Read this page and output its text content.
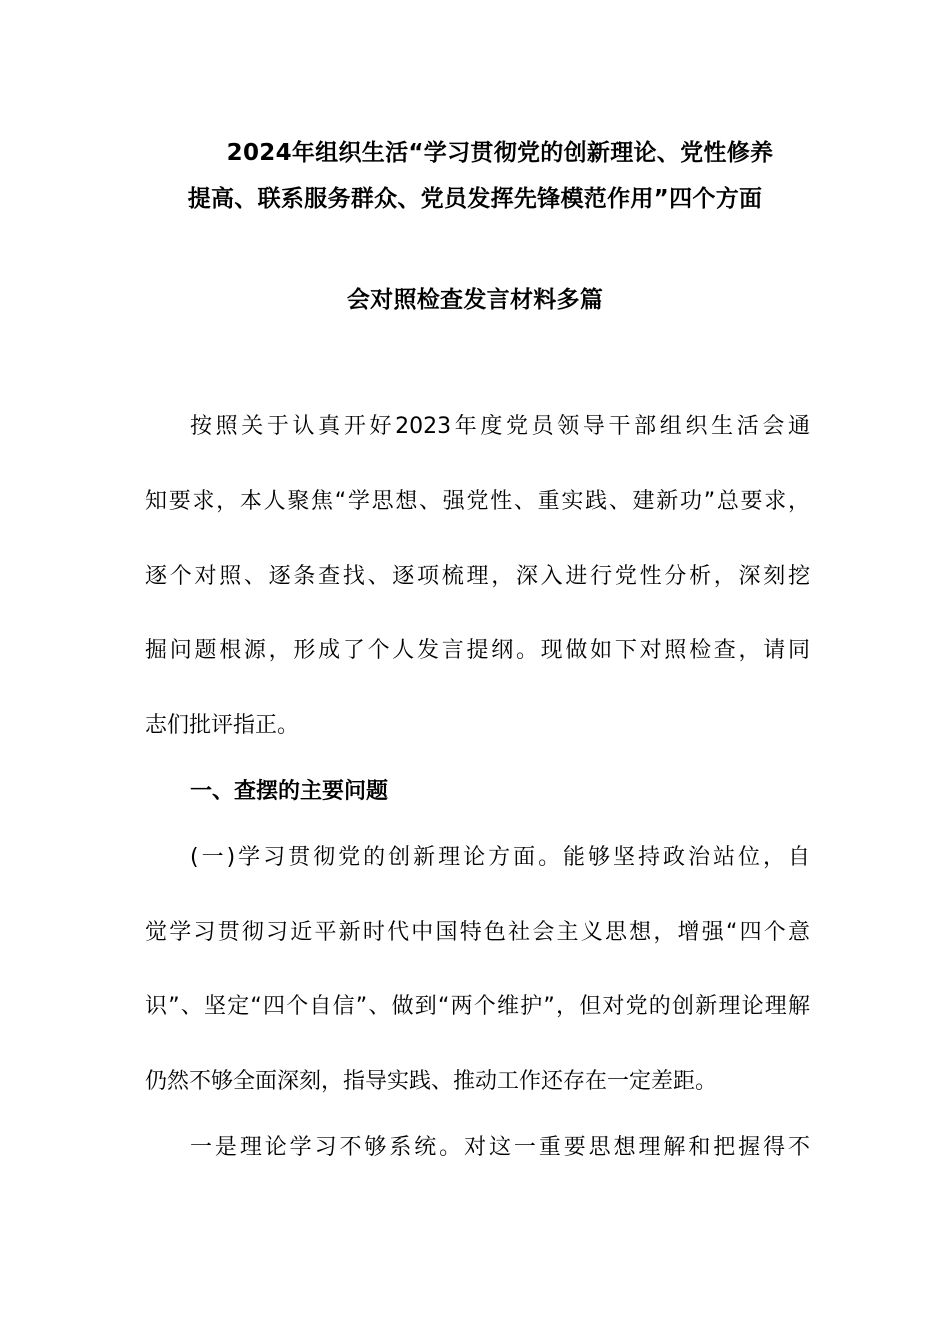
2024年组织生活“学习贯彻党的创新理论、党性修养
提高、联系服务群众、党员发挥先锋模范作用”四个方面
会对照检查发言材料多篇
按照关于认真开好2023年度党员领导干部组织生活会通
知要求，本人聚焦“学思想、强党性、重实践、建新功”总要求，
逐个对照、逐条查找、逐项梳理，深入进行党性分析，深刻挖
掘问题根源，形成了个人发言提纲。现做如下对照检查，请同
志们批评指正。
一、查摆的主要问题
(一)学习贯彻党的创新理论方面。能够坚持政治站位，自
觉学习贯彻习近平新时代中国特色社会主义思想，增强“四个意
识”、坚定“四个自信”、做到“两个维护”，但对党的创新理论理解
仍然不够全面深刻，指导实践、推动工作还存在一定差距。
一是理论学习不够系统。对这一重要思想理解和把握得不
